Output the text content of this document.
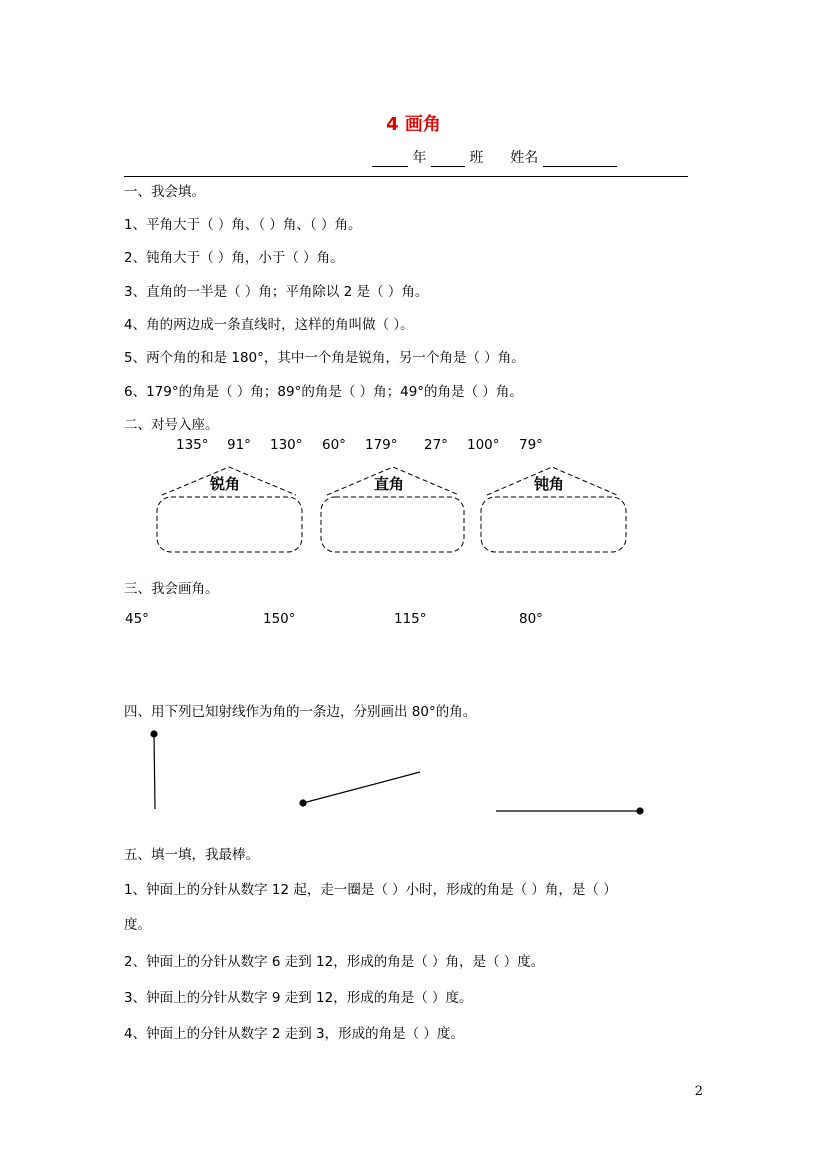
4 画角
年	班 姓名
一、我会填。
1、平角大于（ ）角、（ ）角、（ ）角。
2、钝角大于（ ）角，小于（ ）角。
3、直角的一半是（ ）角；平角除以 2 是（ ）角。
4、角的两边成一条直线时，这样的角叫做（ ）。
5、两个角的和是 180°，其中一个角是锐角，另一个角是（ ）角。
6、179°的角是（ ）角；89°的角是（ ）角；49°的角是（ ）角。
二、对号入座。
135° 91° 130° 60° 179° 27° 100° 79°
锐角	直角	钝角
三、我会画角。
45°	150°	115°	80°
四、用下列已知射线作为角的一条边，分别画出 80°的角。
五、填一填，我最棒。
1、钟面上的分针从数字 12 起，走一圈是（ ）小时，形成的角是（ ）角，是（ ）
度。
2、钟面上的分针从数字 6 走到 12，形成的角是（ ）角，是（ ）度。
3、钟面上的分针从数字 9 走到 12，形成的角是（ ）度。
4、钟面上的分针从数字 2 走到 3，形成的角是（ ）度。
2
